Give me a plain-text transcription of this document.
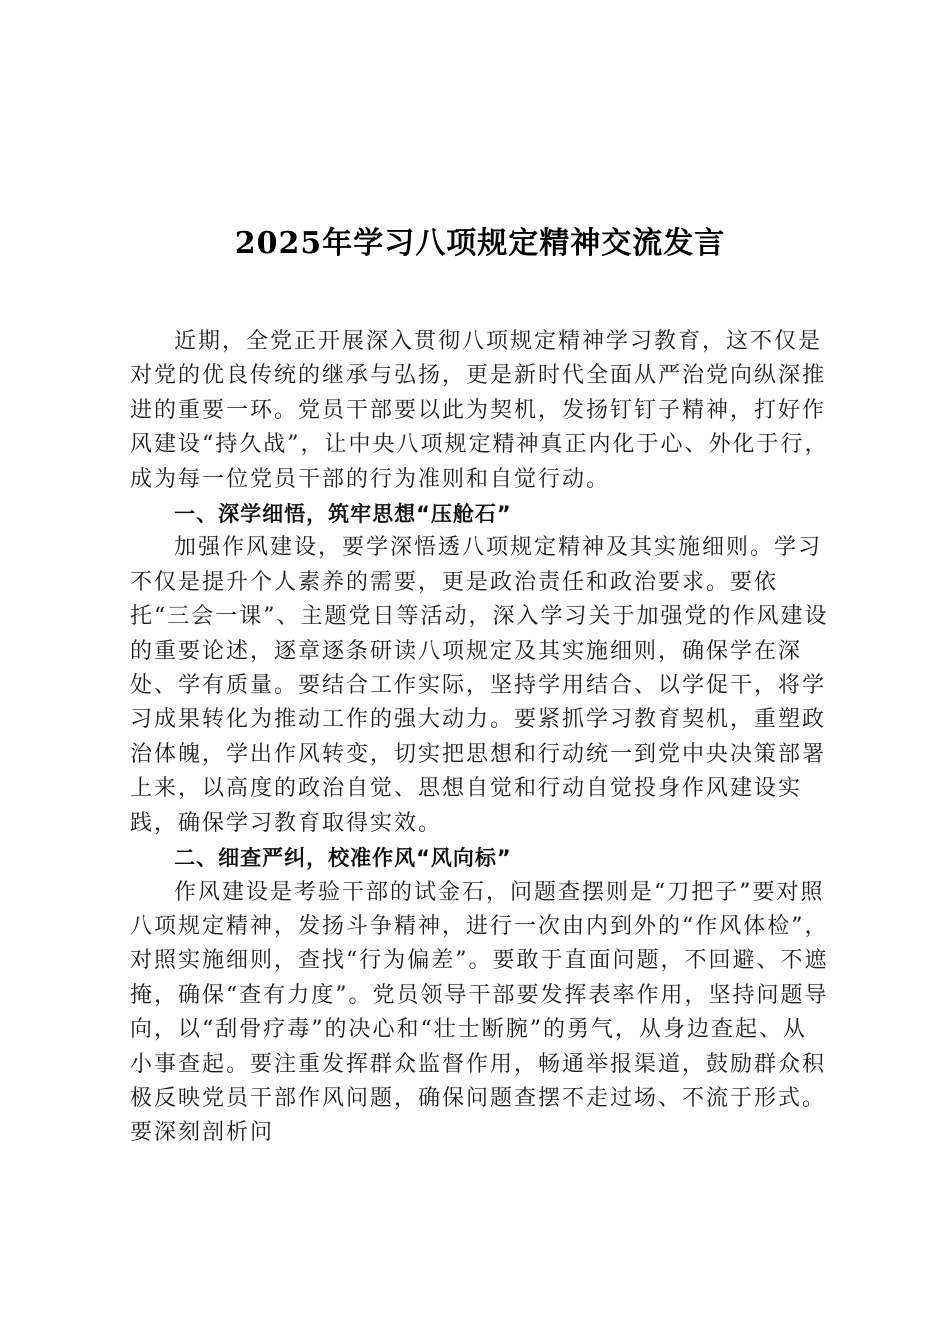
2025年学习八项规定精神交流发言

近期，全党正开展深入贯彻八项规定精神学习教育，这不仅是对党的优良传统的继承与弘扬，更是新时代全面从严治党向纵深推进的重要一环。党员干部要以此为契机，发扬钉钉子精神，打好作风建设“持久战”，让中央八项规定精神真正内化于心、外化于行，成为每一位党员干部的行为准则和自觉行动。

一、深学细悟，筑牢思想“压舱石”

加强作风建设，要学深悟透八项规定精神及其实施细则。学习不仅是提升个人素养的需要，更是政治责任和政治要求。要依托“三会一课”、主题党日等活动，深入学习关于加强党的作风建设的重要论述，逐章逐条研读八项规定及其实施细则，确保学在深处、学有质量。要结合工作实际，坚持学用结合、以学促干，将学习成果转化为推动工作的强大动力。要紧抓学习教育契机，重塑政治体魄，学出作风转变，切实把思想和行动统一到党中央决策部署上来，以高度的政治自觉、思想自觉和行动自觉投身作风建设实践，确保学习教育取得实效。

二、细查严纠，校准作风“风向标”

作风建设是考验干部的试金石，问题查摆则是“刀把子”要对照八项规定精神，发扬斗争精神，进行一次由内到外的“作风体检”，对照实施细则，查找“行为偏差”。要敢于直面问题，不回避、不遮掩，确保“查有力度”。党员领导干部要发挥表率作用，坚持问题导向，以“刮骨疗毒”的决心和“壮士断腕”的勇气，从身边查起、从小事查起。要注重发挥群众监督作用，畅通举报渠道，鼓励群众积极反映党员干部作风问题，确保问题查摆不走过场、不流于形式。要深刻剖析问
